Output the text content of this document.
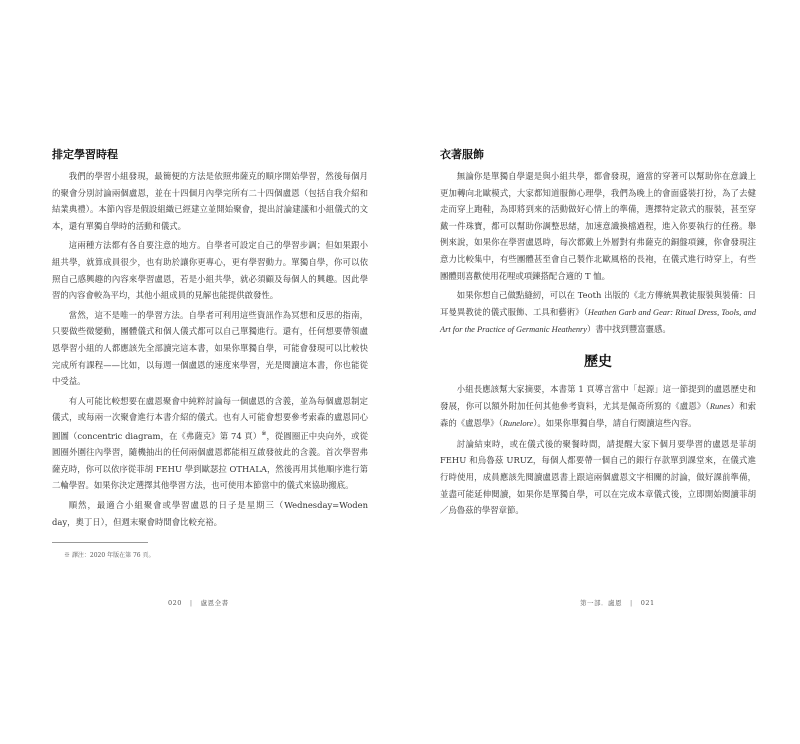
排定學習時程

我們的學習小組發現，最簡便的方法是依照弗薩克的順序開始學習，然後每個月的聚會分別討論兩個盧恩，並在十四個月內學完所有二十四個盧恩（包括自我介紹和結業典禮）。本節內容是假設組織已經建立並開始聚會，提出討論建議和小組儀式的文本，還有單獨自學時的活動和儀式。

這兩種方法都有各自要注意的地方。自學者可設定自己的學習步調；但如果跟小組共學，就算成員很少，也有助於讓你更專心，更有學習動力。單獨自學，你可以依照自己感興趣的內容來學習盧恩，若是小組共學，就必須顧及每個人的興趣。因此學習的內容會較為平均，其他小組成員的見解也能提供啟發性。

當然，這不是唯一的學習方法。自學者可利用這些資訊作為冥想和反思的指南，只要做些微變動，團體儀式和個人儀式都可以自己單獨進行。還有，任何想要帶領盧恩學習小組的人都應該先全部讀完這本書，如果你單獨自學，可能會發現可以比較快完成所有課程——比如，以每週一個盧恩的速度來學習，光是閱讀這本書，你也能從中受益。

有人可能比較想要在盧恩聚會中純粹討論每一個盧恩的含義，並為每個盧恩制定儀式，或每兩一次聚會進行本書介紹的儀式。也有人可能會想要參考索森的盧恩同心圓圖（concentric diagram，在《弗薩克》第 74 頁）※，從圓圈正中央向外，或從圓圈外圍往內學習，隨機抽出的任何兩個盧恩都能相互啟發彼此的含義。首次學習弗薩克時，你可以依序從菲胡 FEHU 學到歐瑟拉 OTHALA，然後再用其他順序進行第二輪學習。如果你決定選擇其他學習方法，也可使用本節當中的儀式來協助搬底。

順然，最適合小組聚會或學習盧恩的日子是星期三（Wednesday=Woden day，奧丁日），但週末聚會時間會比較充裕。

※ 譯注：2020 年版在第 76 頁。

衣著服飾

無論你是單獨自學還是與小組共學，都會發現，適當的穿著可以幫助你在意識上更加轉向北歐模式，大家都知道服飾心理學，我們為晚上的會面盛裝打扮，為了去健走而穿上跑鞋，為即將到來的活動做好心情上的準備，選擇特定款式的服裝，甚至穿戴一件珠寶，都可以幫助你調整思緒，加速意識換檔過程，進入你要執行的任務。舉例來說，如果你在學習盧恩時，每次都戴上外層對有弗薩克的銅盤項鍊，你會發現注意力比較集中，有些團體甚至會自己製作北歐風格的長袍，在儀式進行時穿上，有些團體則喜歡使用花哩或項鍊搭配合適的 T 恤。

如果你想自己做點縫紉，可以在 Teoth 出版的《北方傳統異教徒服裝與裝備：日耳曼異教徒的儀式服飾、工具和藝術》（Heathen Garb and Gear: Ritual Dress, Tools, and Art for the Practice of Germanic Heathenry）書中找到豐富靈感。

歷史

小組長應該幫大家摘要，本書第 1 頁導言當中「起源」這一節提到的盧恩歷史和發展，你可以額外附加任何其他參考資料，尤其是佩奇所寫的《盧恩》（Runes）和索森的《盧恩學》（Runelore）。如果你單獨自學，請自行閱讀這些內容。

討論結束時，或在儀式後的聚餐時間，請提醒大家下個月要學習的盧恩是菲胡 FEHU 和烏魯茲 URUZ，每個人都要帶一個自己的銀行存款單到課堂來，在儀式進行時使用，成員應該先閱讀盧恩書上跟這兩個盧恩文字相關的討論，做好課前準備，並盡可能延伸閱讀，如果你是單獨自學，可以在完成本章儀式後，立即開始閱讀菲胡／烏魯茲的學習章節。

020 | 盧恩全書	第一部．盧恩 | 021
